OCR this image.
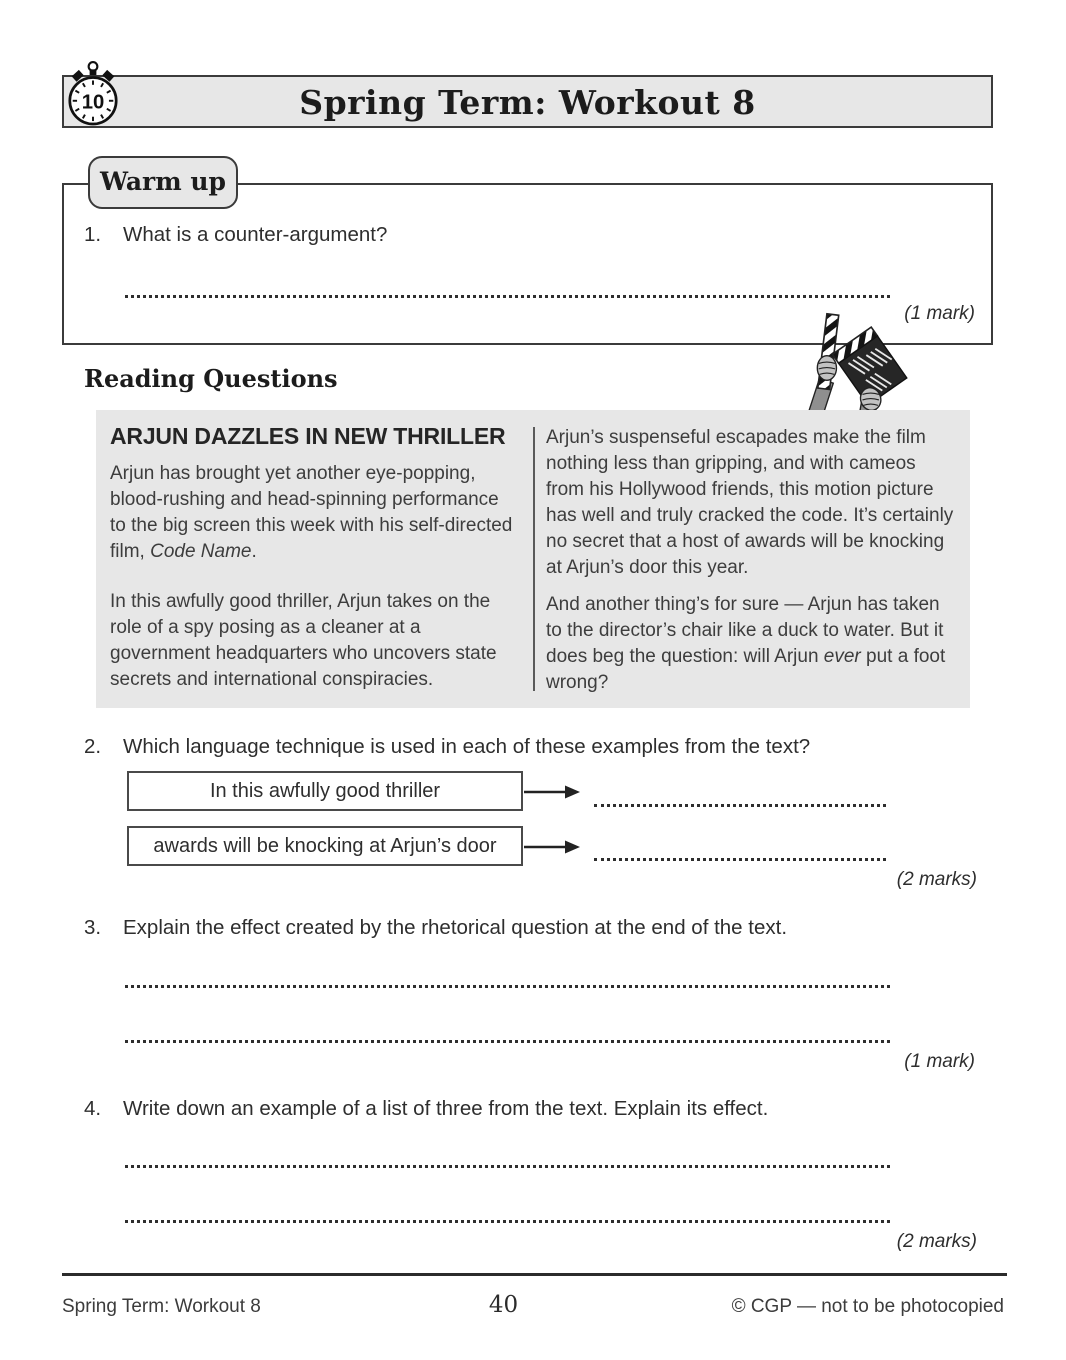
Spring Term: Workout 8
10
Warm up
1.	What is a counter-argument?
(1 mark)
Reading Questions
ARJUN DAZZLES IN NEW THRILLER

Arjun has brought yet another eye-popping, blood-rushing and head-spinning performance to the big screen this week with his self-directed film, Code Name.

In this awfully good thriller, Arjun takes on the role of a spy posing as a cleaner at a government headquarters who uncovers state secrets and international conspiracies.

Arjun’s suspenseful escapades make the film nothing less than gripping, and with cameos from his Hollywood friends, this motion picture has well and truly cracked the code. It’s certainly no secret that a host of awards will be knocking at Arjun’s door this year.

And another thing’s for sure — Arjun has taken to the director’s chair like a duck to water. But it does beg the question: will Arjun ever put a foot wrong?

2.	Which language technique is used in each of these examples from the text?
In this awfully good thriller
awards will be knocking at Arjun’s door
(2 marks)
3.	Explain the effect created by the rhetorical question at the end of the text.
(1 mark)
4.	Write down an example of a list of three from the text. Explain its effect.
(2 marks)
Spring Term: Workout 8	40	© CGP — not to be photocopied
